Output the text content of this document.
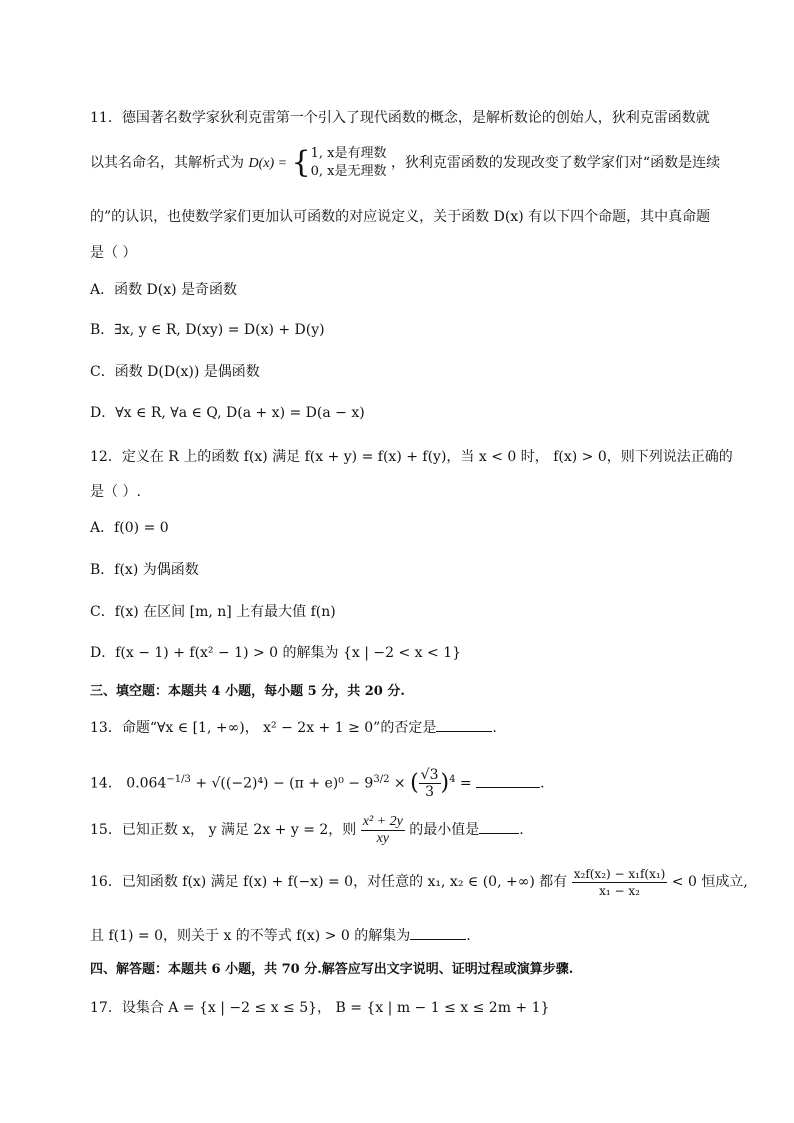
11．德国著名数学家狄利克雷第一个引入了现代函数的概念，是解析数论的创始人，狄利克雷函数就
以其名命名，其解析式为 D(x) = { 1, x是有理数
0, x是无理数
，狄利克雷函数的发现改变了数学家们对“函数是连续
的”的认识，也使数学家们更加认可函数的对应说定义，关于函数 D(x) 有以下四个命题，其中真命题
是（ ）
A．函数 D(x) 是奇函数
B．∃x, y ∈ R, D(xy) = D(x) + D(y)
C．函数 D(D(x)) 是偶函数
D．∀x ∈ R, ∀a ∈ Q, D(a + x) = D(a − x)
12．定义在 R 上的函数 f(x) 满足 f(x + y) = f(x) + f(y)，当 x < 0 时， f(x) > 0，则下列说法正确的
是（ ）.
A．f(0) = 0
B．f(x) 为偶函数
C．f(x) 在区间 [m, n] 上有最大值 f(n)
D．f(x − 1) + f(x² − 1) > 0 的解集为 {x | −2 < x < 1}
三、填空题：本题共 4 小题，每小题 5 分，共 20 分.
13．命题“∀x ∈ [1, +∞)， x² − 2x + 1 ≥ 0”的否定是	.
14． $0.064^{-1/3} + √((-2)^4) - (\pi + e)^0 - 9^{3/2}$ × ( $\frac{√3}{3} )^4$ =	.
15．已知正数 x， y 满足 2x + y = 2，则 $\frac{\text{x² + 2y}}{xy}$ 的最小值是	.
16．已知函数 f(x) 满足 f(x) + f(−x) = 0，对任意的 x₁, x₂ ∈ (0, +∞) 都有 $\frac{\text{x₂f(x₂) − x₁f(x₁)}}{\text{x₁ − x₂}} < 0$ 恒成立,
且 f(1) = 0，则关于 x 的不等式 f(x) > 0 的解集为	.
四、解答题：本题共 6 小题，共 70 分.解答应写出文字说明、证明过程或演算步骤.
17．设集合 A = {x | −2 ≤ x ≤ 5}， B = {x | m − 1 ≤ x ≤ 2m + 1}
